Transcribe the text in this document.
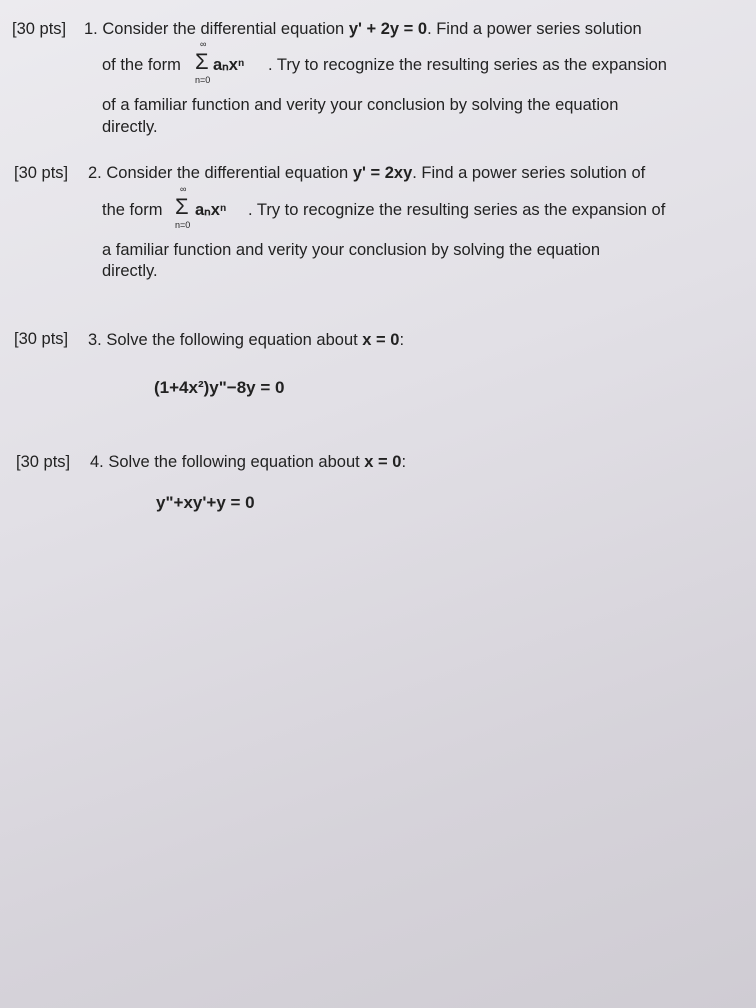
[30 pts] 1. Consider the differential equation y' + 2y = 0. Find a power series solution
of the form
∞
Σ
n=0
aₙxⁿ . Try to recognize the resulting series as the expansion
of a familiar function and verity your conclusion by solving the equation
directly.
[30 pts] 2. Consider the differential equation y' = 2xy. Find a power series solution of
the form
∞
Σ
n=0
aₙxⁿ . Try to recognize the resulting series as the expansion of
a familiar function and verity your conclusion by solving the equation
directly.
[30 pts] 3. Solve the following equation about x = 0:
(1+4x²)y"−8y = 0
[30 pts] 4. Solve the following equation about x = 0:
y"+xy'+y = 0
